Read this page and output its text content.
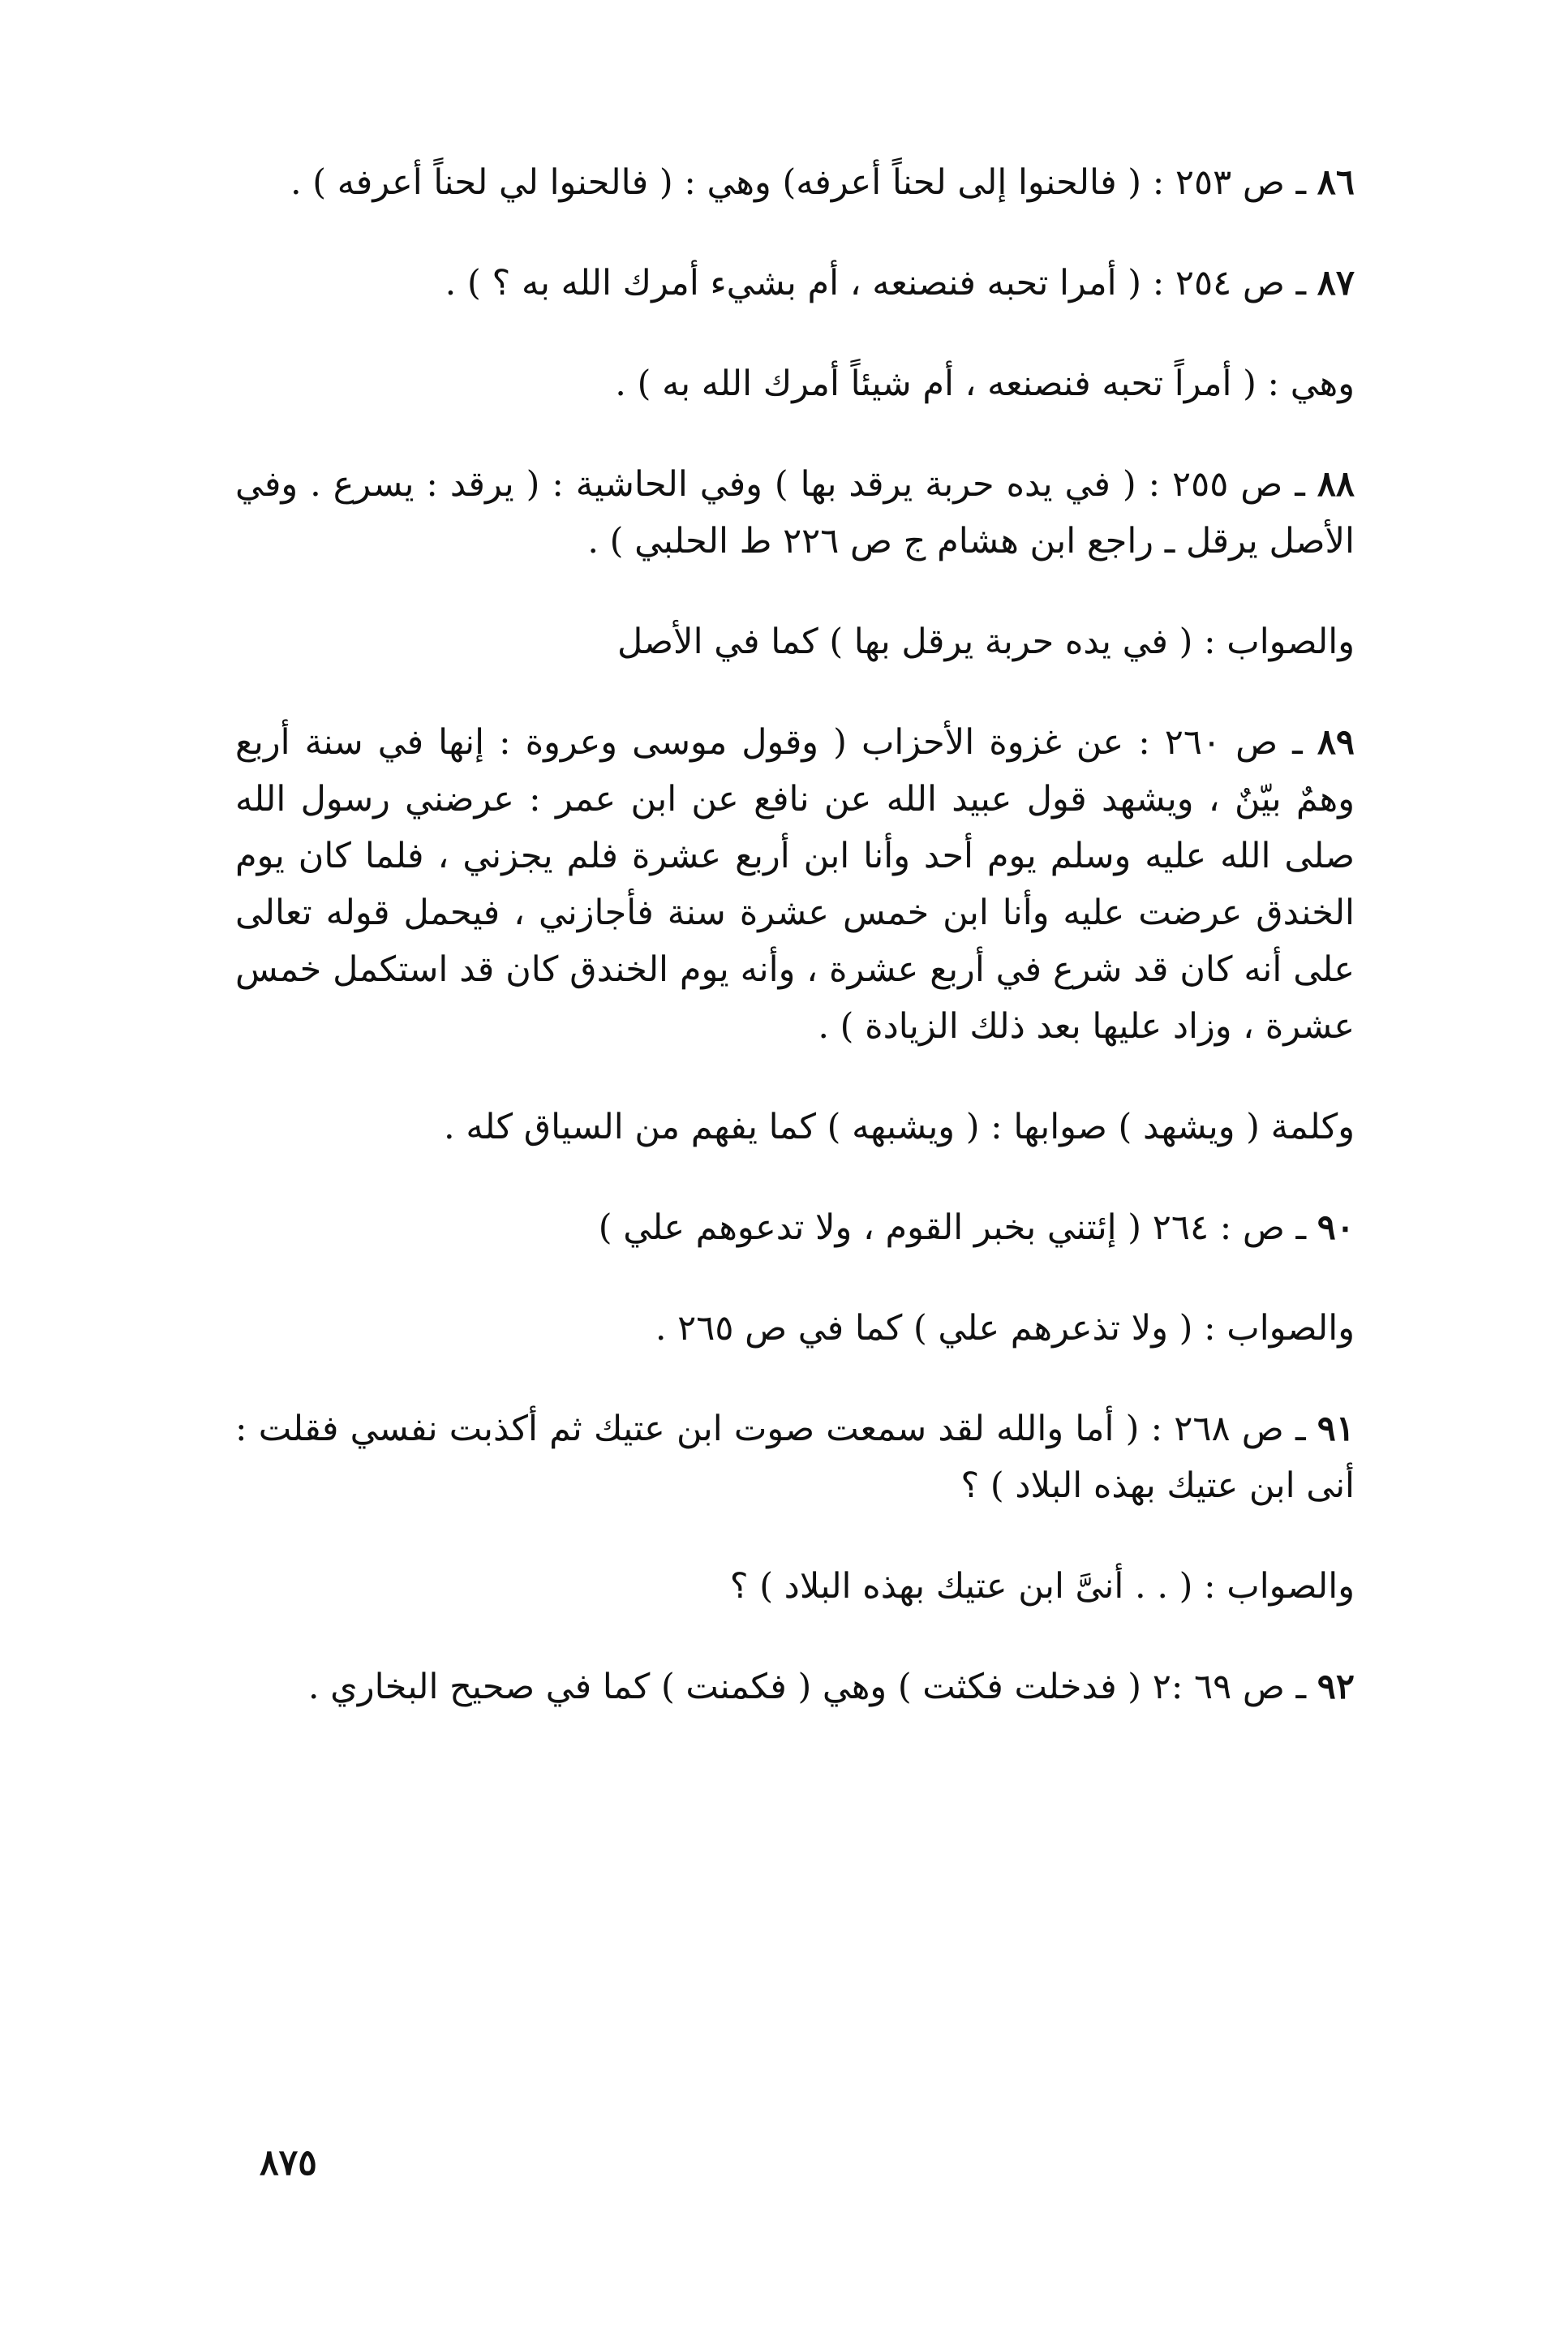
٨٦ ـ ص ٢٥٣ : ( فالحنوا إلى لحناً أعرفه) وهي : ( فالحنوا لي لحناً أعرفه ) .

٨٧ ـ ص ٢٥٤ : ( أمرا تحبه فنصنعه ، أم بشيء أمرك الله به ؟ ) .

وهي : ( أمراً تحبه فنصنعه ، أم شيئاً أمرك الله به ) .

٨٨ ـ ص ٢٥٥ : ( في يده حربة يرقد بها ) وفي الحاشية : ( يرقد : يسرع . وفي الأصل يرقل ـ راجع ابن هشام ج ص ٢٢٦ ط الحلبي ) .

والصواب : ( في يده حربة يرقل بها ) كما في الأصل

٨٩ ـ ص ٢٦٠ : عن غزوة الأحزاب ( وقول موسى وعروة : إنها في سنة أربع وهمٌ بيّنٌ ، ويشهد قول عبيد الله عن نافع عن ابن عمر : عرضني رسول الله صلى الله عليه وسلم يوم أحد وأنا ابن أربع عشرة فلم يجزني ، فلما كان يوم الخندق عرضت عليه وأنا ابن خمس عشرة سنة فأجازني ، فيحمل قوله تعالى على أنه كان قد شرع في أربع عشرة ، وأنه يوم الخندق كان قد استكمل خمس عشرة ، وزاد عليها بعد ذلك الزيادة ) .

وكلمة ( ويشهد ) صوابها : ( ويشبهه ) كما يفهم من السياق كله .

٩٠ ـ ص : ٢٦٤ ( إئتني بخبر القوم ، ولا تدعوهم علي )

والصواب : ( ولا تذعرهم علي ) كما في ص ٢٦٥ .

٩١ ـ ص ٢٦٨ : ( أما والله لقد سمعت صوت ابن عتيك ثم أكذبت نفسي فقلت : أنى ابن عتيك بهذه البلاد ) ؟

والصواب : ( . . أنىَّ ابن عتيك بهذه البلاد ) ؟

٩٢ ـ ص ٦٩ :٢ ( فدخلت فكثت ) وهي ( فكمنت ) كما في صحيح البخاري .

٨٧٥
